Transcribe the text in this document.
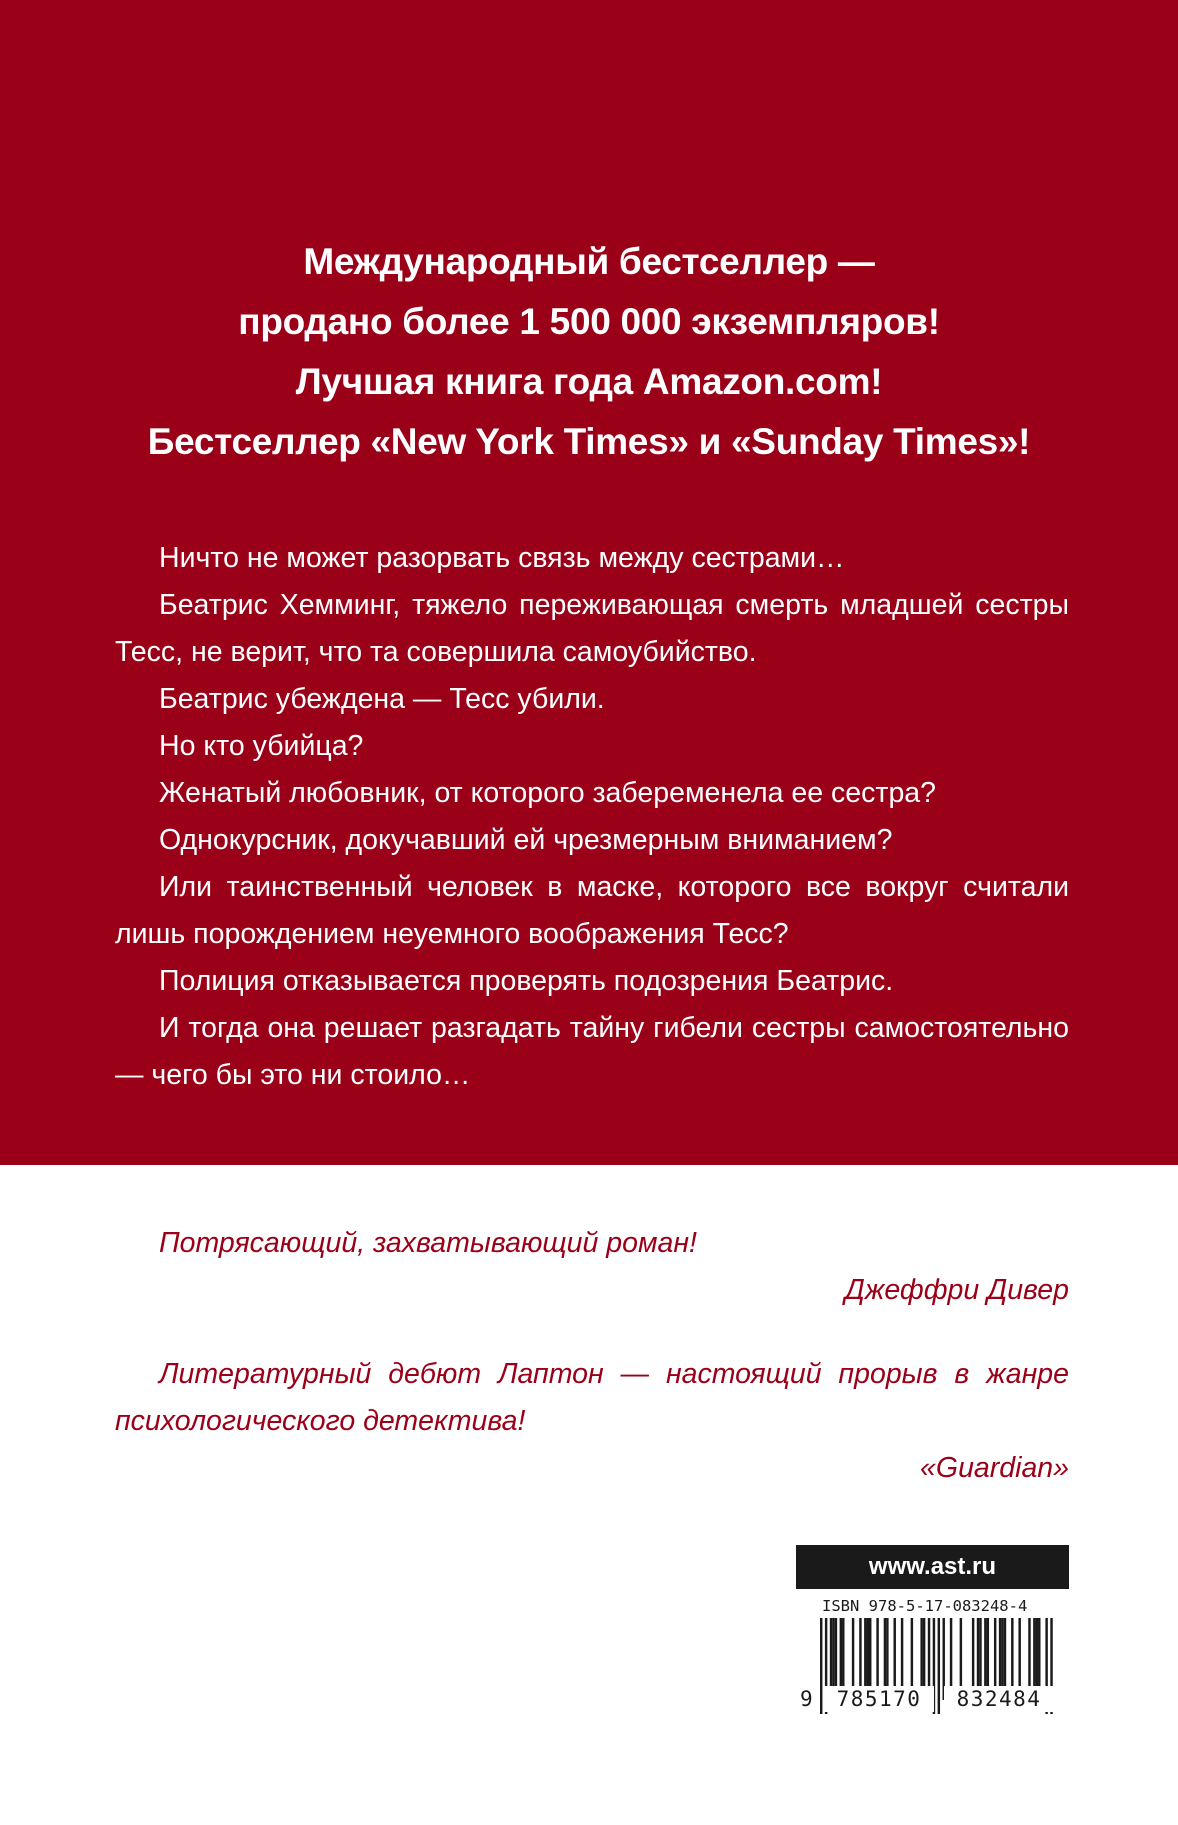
Международный бестселлер —
продано более 1 500 000 экземпляров!
Лучшая книга года Amazon.com!
Бестселлер «New York Times» и «Sunday Times»!

Ничто не может разорвать связь между сестрами…

Беатрис Хемминг, тяжело переживающая смерть младшей сестры Тесс, не верит, что та совершила самоубийство.

Беатрис убеждена — Тесс убили.

Но кто убийца?

Женатый любовник, от которого забеременела ее сестра?

Однокурсник, докучавший ей чрезмерным вниманием?

Или таинственный человек в маске, которого все вокруг считали лишь порождением неуемного воображения Тесс?

Полиция отказывается проверять подозрения Беатрис.

И тогда она решает разгадать тайну гибели сестры самостоятельно — чего бы это ни стоило…

Потрясающий, захватывающий роман!

Джеффри Дивер

Литературный дебют Лаптон — настоящий прорыв в жанре психологического детектива!

«Guardian»

www.ast.ru
ISBN 978-5-17-083248-4
9	785170	832484
